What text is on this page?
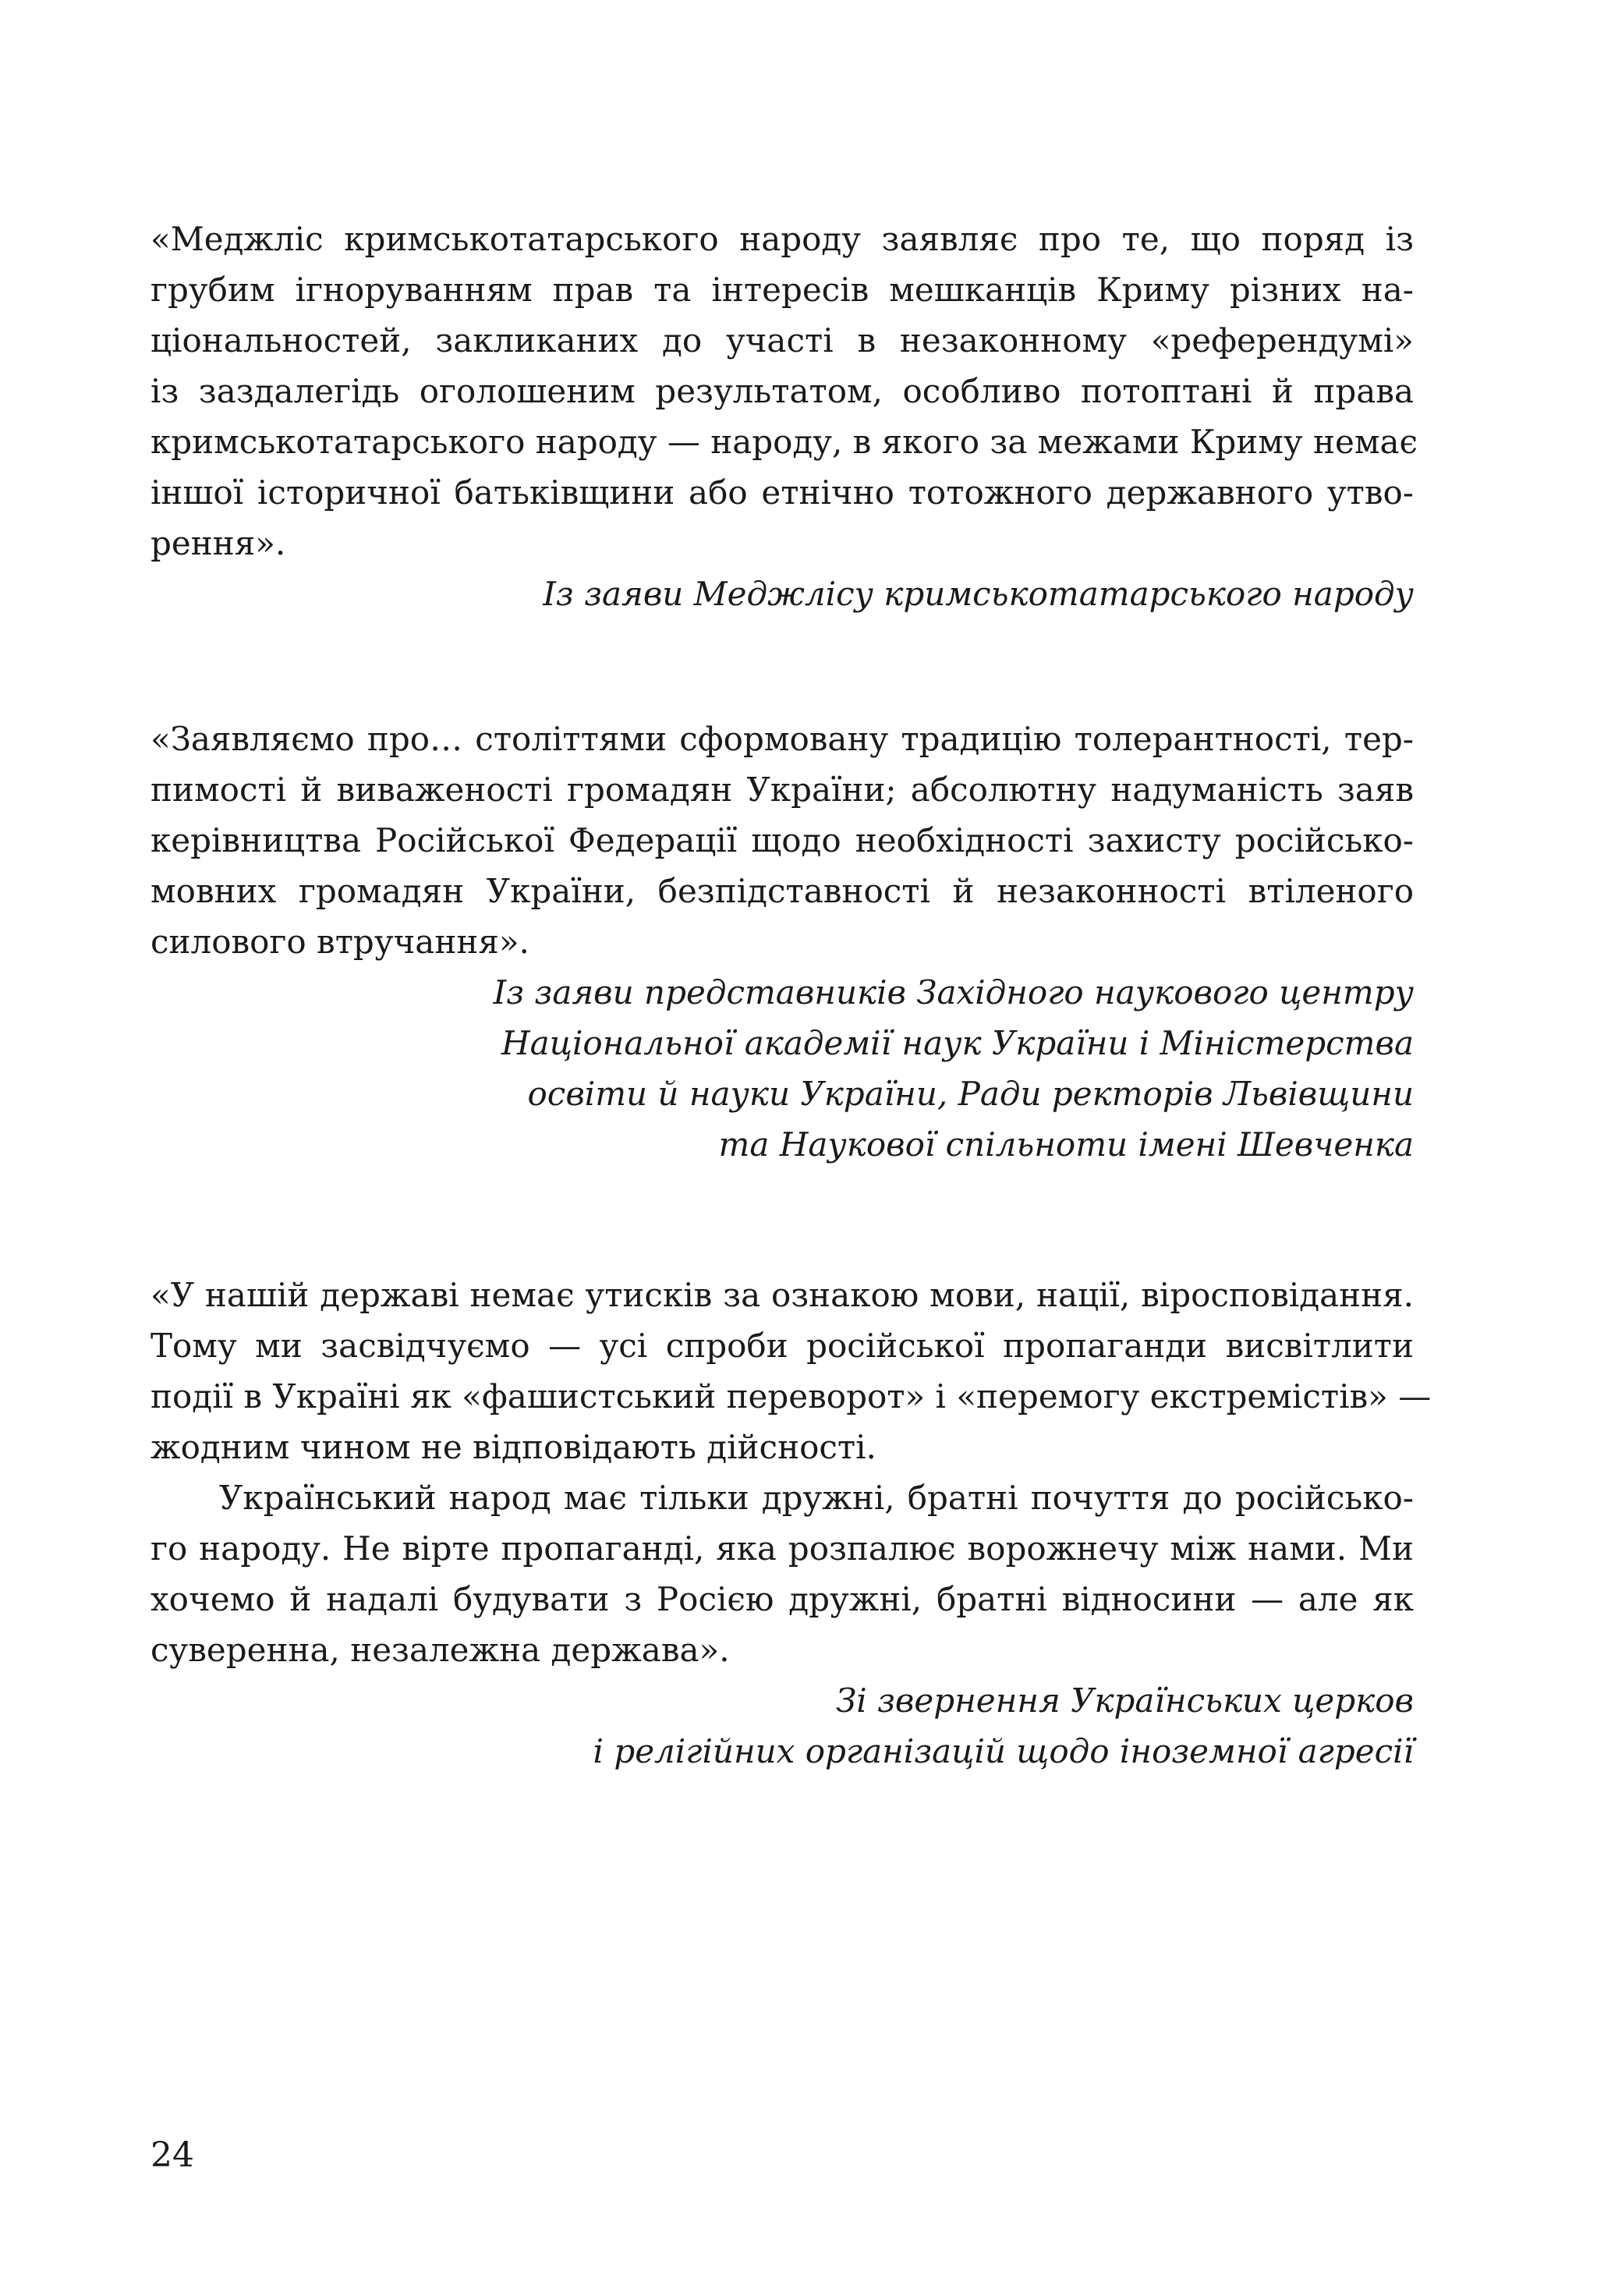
«Меджліс кримськотатарського народу заявляє про те, що поряд із
грубим ігноруванням прав та інтересів мешканців Криму різних на-
ціональностей, закликаних до участі в незаконному «референдумі»
із заздалегідь оголошеним результатом, особливо потоптані й права
кримськотатарського народу — народу, в якого за межами Криму немає
іншої історичної батьківщини або етнічно тотожного державного утво-
рення».
Із заяви Меджлісу кримськотатарського народу
«Заявляємо про… століттями сформовану традицію толерантності, тер-
пимості й виваженості громадян України; абсолютну надуманість заяв
керівництва Російської Федерації щодо необхідності захисту російсько-
мовних громадян України, безпідставності й незаконності втіленого
силового втручання».
Із заяви представників Західного наукового центру
Національної академії наук України і Міністерства
освіти й науки України, Ради ректорів Львівщини
та Наукової спільноти імені Шевченка
«У нашій державі немає утисків за ознакою мови, нації, віросповідання.
Тому ми засвідчуємо — усі спроби російської пропаганди висвітлити
події в Україні як «фашистський переворот» і «перемогу екстремістів» —
жодним чином не відповідають дійсності.
Український народ має тільки дружні, братні почуття до російсько-
го народу. Не вірте пропаганді, яка розпалює ворожнечу між нами. Ми
хочемо й надалі будувати з Росією дружні, братні відносини — але як
суверенна, незалежна держава».
Зі звернення Українських церков
і релігійних організацій щодо іноземної агресії
24
